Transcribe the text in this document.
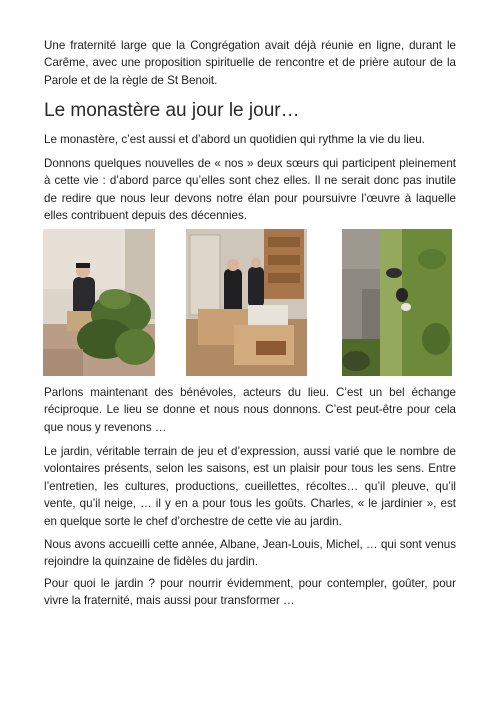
Une fraternité large que la Congrégation avait déjà réunie en ligne, durant le Carême, avec une proposition spirituelle de rencontre et de prière autour de la Parole et de la règle de St Benoit.

Le monastère au jour le jour…

Le monastère, c’est aussi et d’abord un quotidien qui rythme la vie du lieu.

Donnons quelques nouvelles de « nos » deux sœurs qui participent pleinement à cette vie : d’abord parce qu’elles sont chez elles. Il ne serait donc pas inutile de redire que nous leur devons notre élan pour poursuivre l’œuvre à laquelle elles contribuent depuis des décennies.

Parlons maintenant des bénévoles, acteurs du lieu. C’est un bel échange réciproque. Le lieu se donne et nous nous donnons. C’est peut-être pour cela que nous y revenons …

Le jardin, véritable terrain de jeu et d’expression, aussi varié que le nombre de volontaires présents, selon les saisons, est un plaisir pour tous les sens. Entre l’entretien, les cultures, productions, cueillettes, récoltes… qu’il pleuve, qu’il vente, qu’il neige, … il y en a pour tous les goûts. Charles, « le jardinier », est en quelque sorte le chef d’orchestre de cette vie au jardin.

Nous avons accueilli cette année, Albane, Jean-Louis, Michel, … qui sont venus rejoindre la quinzaine de fidèles du jardin.

Pour quoi le jardin ? pour nourrir évidemment, pour contempler, goûter, pour vivre la fraternité, mais aussi pour transformer …
